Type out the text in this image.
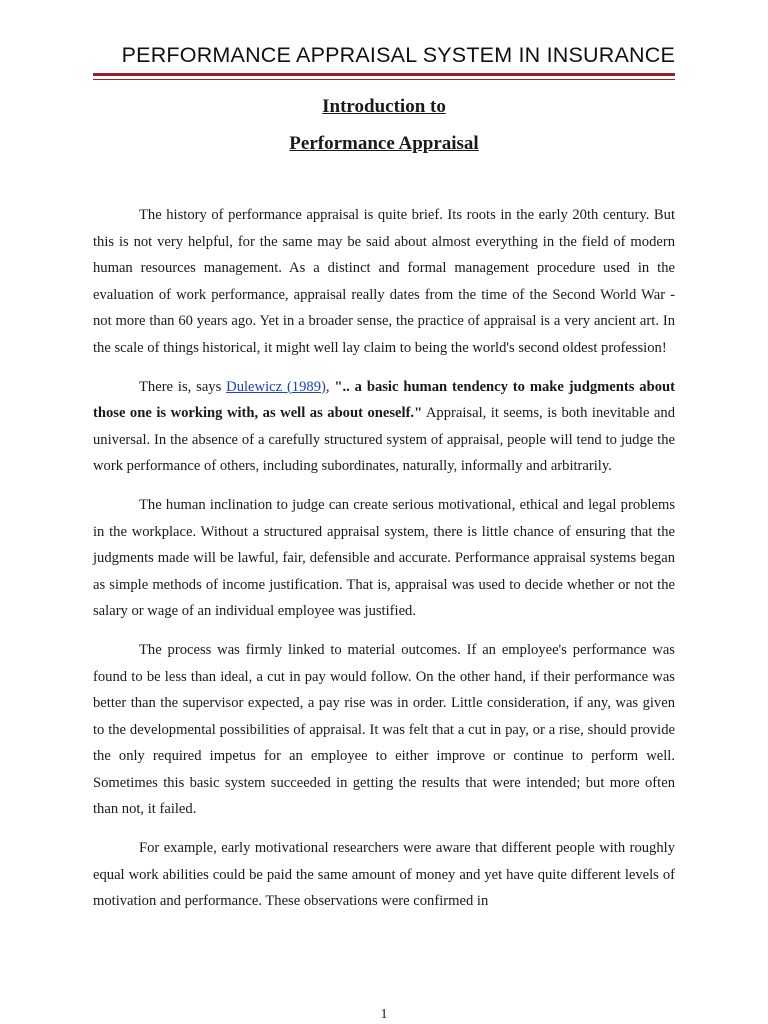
PERFORMANCE APPRAISAL SYSTEM IN INSURANCE
Introduction to
Performance Appraisal

The history of performance appraisal is quite brief. Its roots in the early 20th century. But this is not very helpful, for the same may be said about almost everything in the field of modern human resources management. As a distinct and formal management procedure used in the evaluation of work performance, appraisal really dates from the time of the Second World War - not more than 60 years ago. Yet in a broader sense, the practice of appraisal is a very ancient art. In the scale of things historical, it might well lay claim to being the world's second oldest profession!

There is, says Dulewicz (1989), ".. a basic human tendency to make judgments about those one is working with, as well as about oneself." Appraisal, it seems, is both inevitable and universal. In the absence of a carefully structured system of appraisal, people will tend to judge the work performance of others, including subordinates, naturally, informally and arbitrarily.

The human inclination to judge can create serious motivational, ethical and legal problems in the workplace. Without a structured appraisal system, there is little chance of ensuring that the judgments made will be lawful, fair, defensible and accurate. Performance appraisal systems began as simple methods of income justification. That is, appraisal was used to decide whether or not the salary or wage of an individual employee was justified.

The process was firmly linked to material outcomes. If an employee's performance was found to be less than ideal, a cut in pay would follow. On the other hand, if their performance was better than the supervisor expected, a pay rise was in order. Little consideration, if any, was given to the developmental possibilities of appraisal. It was felt that a cut in pay, or a rise, should provide the only required impetus for an employee to either improve or continue to perform well. Sometimes this basic system succeeded in getting the results that were intended; but more often than not, it failed.

For example, early motivational researchers were aware that different people with roughly equal work abilities could be paid the same amount of money and yet have quite different levels of motivation and performance. These observations were confirmed in

1
